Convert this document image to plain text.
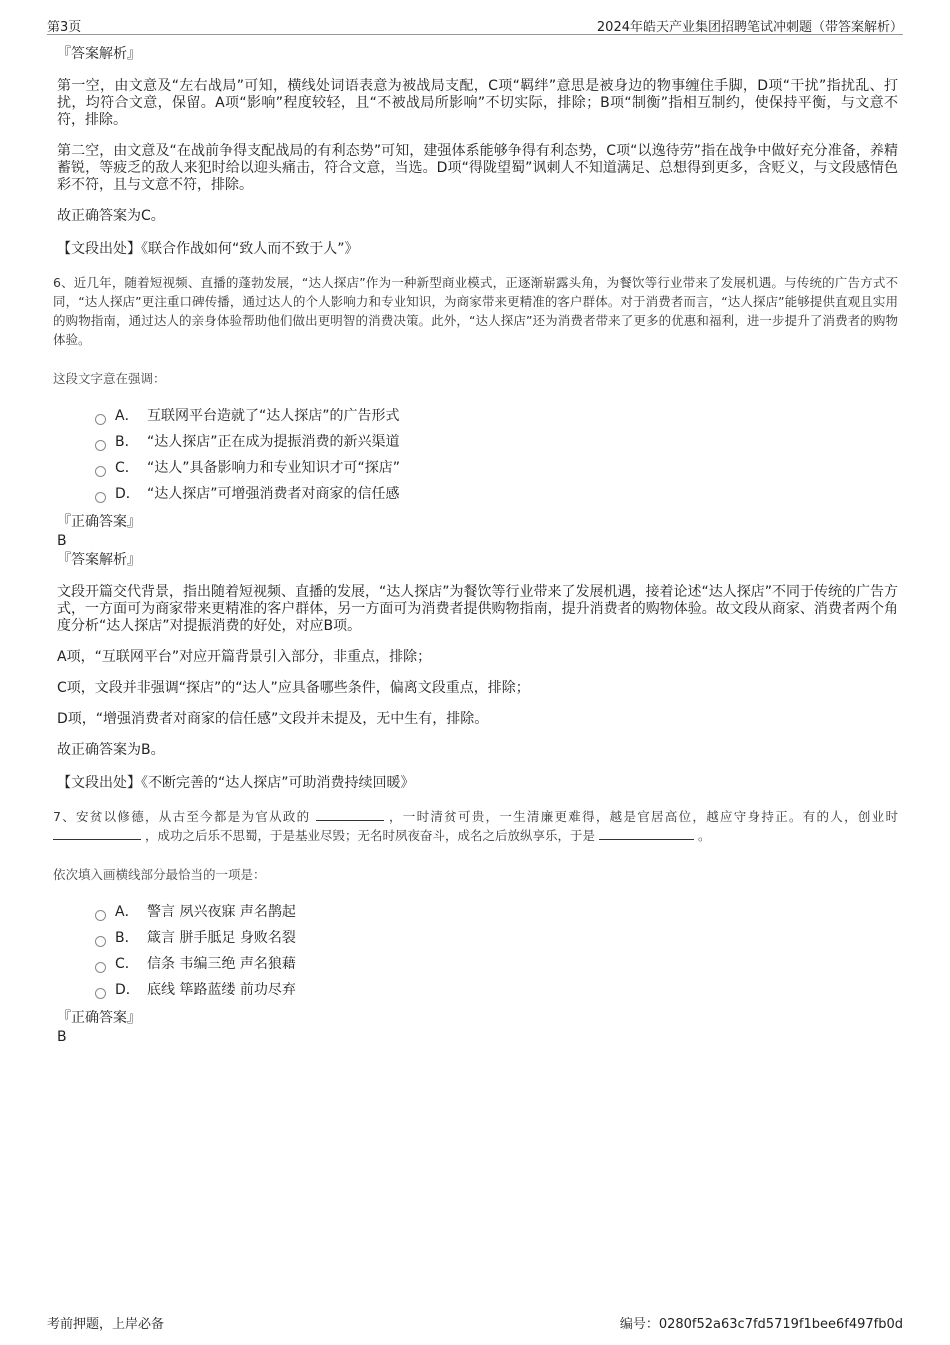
第3页	2024年皓天产业集团招聘笔试冲刺题（带答案解析）

『答案解析』

第一空，由文意及“左右战局”可知，横线处词语表意为被战局支配，C项“羁绊”意思是被身边的物事缠住手脚，D项“干扰”指扰乱、打扰，均符合文意，保留。A项“影响”程度较轻，且“不被战局所影响”不切实际，排除；B项“制衡”指相互制约，使保持平衡，与文意不符，排除。

第二空，由文意及“在战前争得支配战局的有利态势”可知，建强体系能够争得有利态势，C项“以逸待劳”指在战争中做好充分准备，养精蓄锐，等疲乏的敌人来犯时给以迎头痛击，符合文意，当选。D项“得陇望蜀”讽刺人不知道满足、总想得到更多，含贬义，与文段感情色彩不符，且与文意不符，排除。

故正确答案为C。

【文段出处】《联合作战如何“致人而不致于人”》

6、近几年，随着短视频、直播的蓬勃发展，“达人探店”作为一种新型商业模式，正逐渐崭露头角，为餐饮等行业带来了发展机遇。与传统的广告方式不同，“达人探店”更注重口碑传播，通过达人的个人影响力和专业知识，为商家带来更精准的客户群体。对于消费者而言，“达人探店”能够提供直观且实用的购物指南，通过达人的亲身体验帮助他们做出更明智的消费决策。此外，“达人探店”还为消费者带来了更多的优惠和福利，进一步提升了消费者的购物体验。

这段文字意在强调：

A． 互联网平台造就了“达人探店”的广告形式
B． “达人探店”正在成为提振消费的新兴渠道
C． “达人”具备影响力和专业知识才可“探店”
D． “达人探店”可增强消费者对商家的信任感

『正确答案』

B

『答案解析』

文段开篇交代背景，指出随着短视频、直播的发展，“达人探店”为餐饮等行业带来了发展机遇，接着论述“达人探店”不同于传统的广告方式，一方面可为商家带来更精准的客户群体，另一方面可为消费者提供购物指南，提升消费者的购物体验。故文段从商家、消费者两个角度分析“达人探店”对提振消费的好处，对应B项。

A项，“互联网平台”对应开篇背景引入部分，非重点，排除；

C项，文段并非强调“探店”的“达人”应具备哪些条件，偏离文段重点，排除；

D项，“增强消费者对商家的信任感”文段并未提及，无中生有，排除。

故正确答案为B。

【文段出处】《不断完善的“达人探店”可助消费持续回暖》

7、安贫以修德，从古至今都是为官从政的	，一时清贫可贵，一生清廉更难得，越是官居高位，越应守身持正。有的人，创业时  ，成功之后乐不思蜀，于是基业尽毁；无名时夙夜奋斗，成名之后放纵享乐，于是	。

依次填入画横线部分最恰当的一项是：

A． 警言 夙兴夜寐 声名鹊起
B． 箴言 胼手胝足 身败名裂
C． 信条 韦编三绝 声名狼藉
D． 底线 筚路蓝缕 前功尽弃

『正确答案』

B

考前押题，上岸必备	编号：0280f52a63c7fd5719f1bee6f497fb0d
